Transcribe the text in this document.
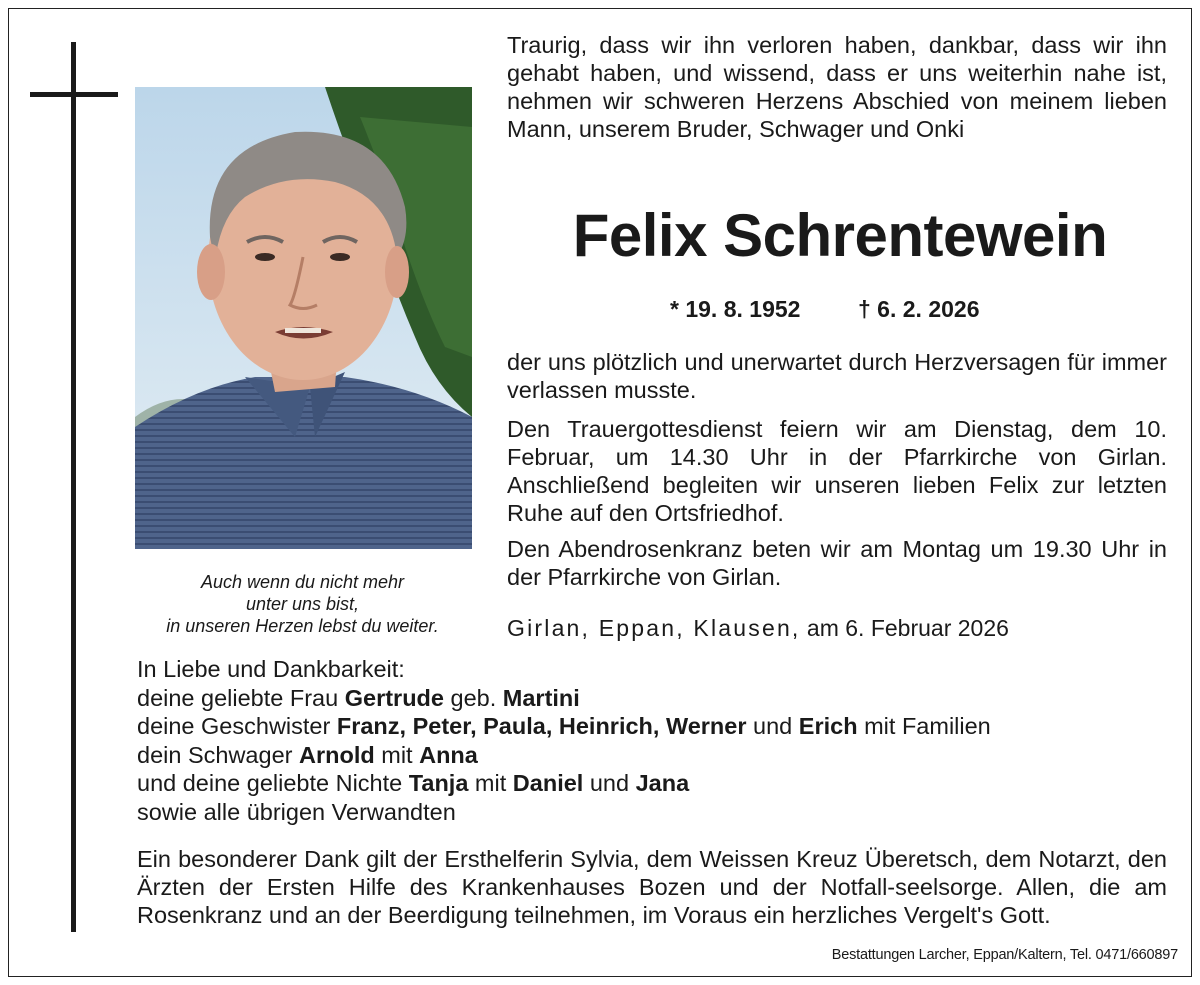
Auch wenn du nicht mehr
unter uns bist,
in unseren Herzen lebst du weiter.
Traurig, dass wir ihn verloren haben, dankbar, dass wir ihn gehabt haben, und wissend, dass er uns weiterhin nahe ist, nehmen wir schweren Herzens Abschied von meinem lieben Mann, unserem Bruder, Schwager und Onki
Felix Schrentewein
* 19. 8. 1952	† 6. 2. 2026
der uns plötzlich und unerwartet durch Herzversagen für immer verlassen musste.
Den Trauergottesdienst feiern wir am Dienstag, dem 10. Februar, um 14.30 Uhr in der Pfarrkirche von Girlan. Anschließend begleiten wir unseren lieben Felix zur letzten Ruhe auf den Ortsfriedhof.
Den Abendrosenkranz beten wir am Montag um 19.30 Uhr in der Pfarrkirche von Girlan.
Girlan, Eppan, Klausen, am 6. Februar 2026
In Liebe und Dankbarkeit:
deine geliebte Frau Gertrude geb. Martini
deine Geschwister Franz, Peter, Paula, Heinrich, Werner und Erich mit Familien
dein Schwager Arnold mit Anna
und deine geliebte Nichte Tanja mit Daniel und Jana
sowie alle übrigen Verwandten
Ein besonderer Dank gilt der Ersthelferin Sylvia, dem Weissen Kreuz Überetsch, dem Notarzt, den Ärzten der Ersten Hilfe des Krankenhauses Bozen und der Notfall-seelsorge. Allen, die am Rosenkranz und an der Beerdigung teilnehmen, im Voraus ein herzliches Vergelt's Gott.
Bestattungen Larcher, Eppan/Kaltern, Tel. 0471/660897
